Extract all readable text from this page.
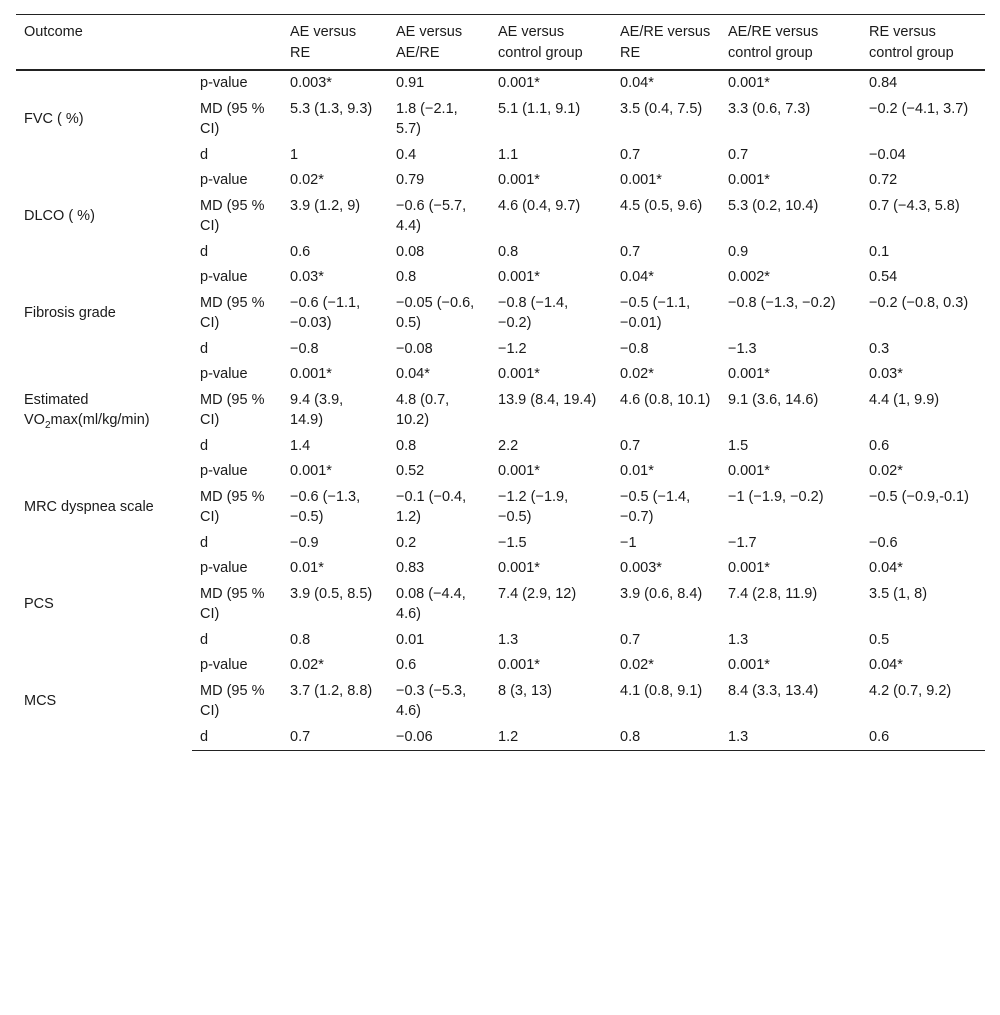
Outcome		AE versus RE	AE versus AE/RE	AE versus control group	AE/RE versus RE	AE/RE versus control group	RE versus control group
FVC ( %)	p-value	0.003*	0.91	0.001*	0.04*	0.001*	0.84
	MD (95 % CI)	5.3 (1.3, 9.3)	1.8 (−2.1, 5.7)	5.1 (1.1, 9.1)	3.5 (0.4, 7.5)	3.3 (0.6, 7.3)	−0.2 (−4.1, 3.7)
	d	1	0.4	1.1	0.7	0.7	−0.04
DLCO ( %)	p-value	0.02*	0.79	0.001*	0.001*	0.001*	0.72
	MD (95 % CI)	3.9 (1.2, 9)	−0.6 (−5.7, 4.4)	4.6 (0.4, 9.7)	4.5 (0.5, 9.6)	5.3 (0.2, 10.4)	0.7 (−4.3, 5.8)
	d	0.6	0.08	0.8	0.7	0.9	0.1
Fibrosis grade	p-value	0.03*	0.8	0.001*	0.04*	0.002*	0.54
	MD (95 % CI)	−0.6 (−1.1, −0.03)	−0.05 (−0.6, 0.5)	−0.8 (−1.4, −0.2)	−0.5 (−1.1, −0.01)	−0.8 (−1.3, −0.2)	−0.2 (−0.8, 0.3)
	d	−0.8	−0.08	−1.2	−0.8	−1.3	0.3
Estimated $VO_2\max(ml/kg/\min)$	p-value	0.001*	0.04*	0.001*	0.02*	0.001*	0.03*
	MD (95 % CI)	9.4 (3.9, 14.9)	4.8 (0.7, 10.2)	13.9 (8.4, 19.4)	4.6 (0.8, 10.1)	9.1 (3.6, 14.6)	4.4 (1, 9.9)
	d	1.4	0.8	2.2	0.7	1.5	0.6
MRC dyspnea scale	p-value	0.001*	0.52	0.001*	0.01*	0.001*	0.02*
	MD (95 % CI)	−0.6 (−1.3, −0.5)	−0.1 (−0.4, 1.2)	−1.2 (−1.9, −0.5)	−0.5 (−1.4, −0.7)	−1 (−1.9, −0.2)	−0.5 (−0.9,-0.1)
	d	−0.9	0.2	−1.5	−1	−1.7	−0.6
PCS	p-value	0.01*	0.83	0.001*	0.003*	0.001*	0.04*
	MD (95 % CI)	3.9 (0.5, 8.5)	0.08 (−4.4, 4.6)	7.4 (2.9, 12)	3.9 (0.6, 8.4)	7.4 (2.8, 11.9)	3.5 (1, 8)
	d	0.8	0.01	1.3	0.7	1.3	0.5
MCS	p-value	0.02*	0.6	0.001*	0.02*	0.001*	0.04*
	MD (95 % CI)	3.7 (1.2, 8.8)	−0.3 (−5.3, 4.6)	8 (3, 13)	4.1 (0.8, 9.1)	8.4 (3.3, 13.4)	4.2 (0.7, 9.2)
	d	0.7	−0.06	1.2	0.8	1.3	0.6
